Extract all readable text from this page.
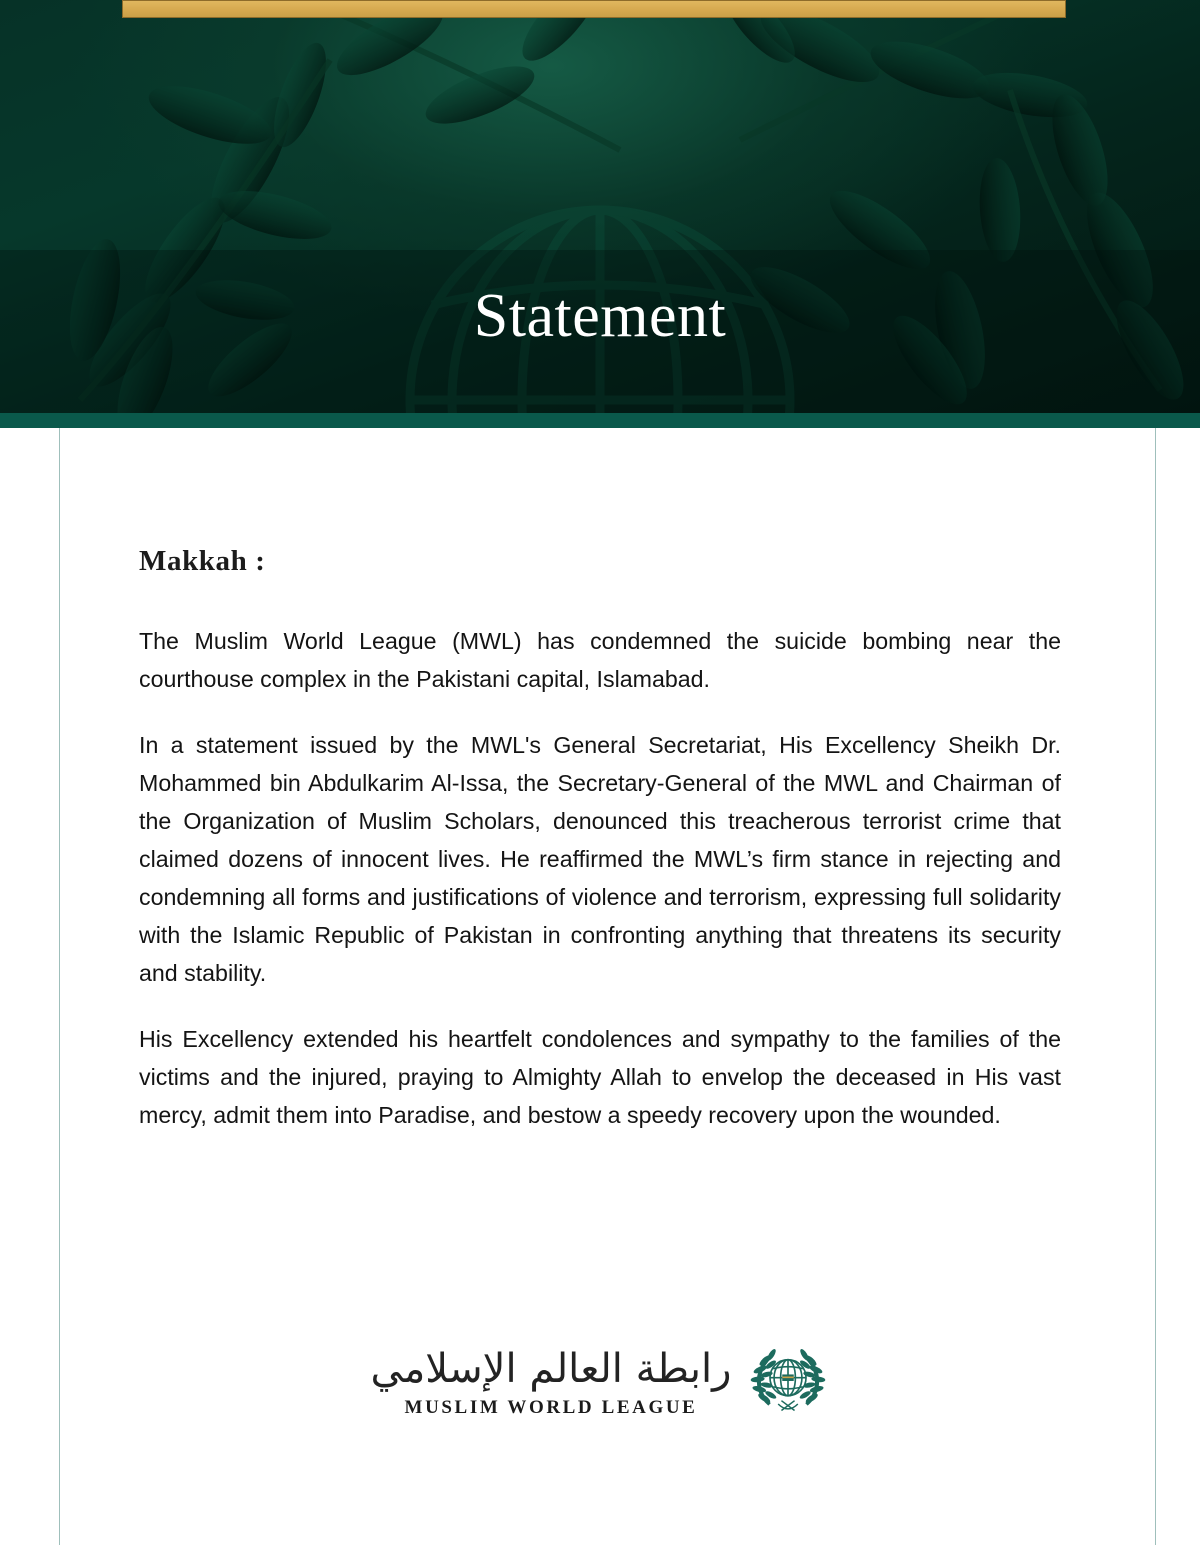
Statement
Makkah :

The Muslim World League (MWL) has condemned the suicide bombing near the courthouse complex in the Pakistani capital, Islamabad.

In a statement issued by the MWL's General Secretariat, His Excellency Sheikh Dr. Mohammed bin Abdulkarim Al-Issa, the Secretary-General of the MWL and Chairman of the Organization of Muslim Scholars, denounced this treacherous terrorist crime that claimed dozens of innocent lives. He reaffirmed the MWL’s firm stance in rejecting and condemning all forms and justifications of violence and terrorism, expressing full solidarity with the Islamic Republic of Pakistan in confronting anything that threatens its security and stability.

His Excellency extended his heartfelt condolences and sympathy to the families of the victims and the injured, praying to Almighty Allah to envelop the deceased in His vast mercy, admit them into Paradise, and bestow a speedy recovery upon the wounded.

رابطة العالم الإسلامي
MUSLIM WORLD LEAGUE
